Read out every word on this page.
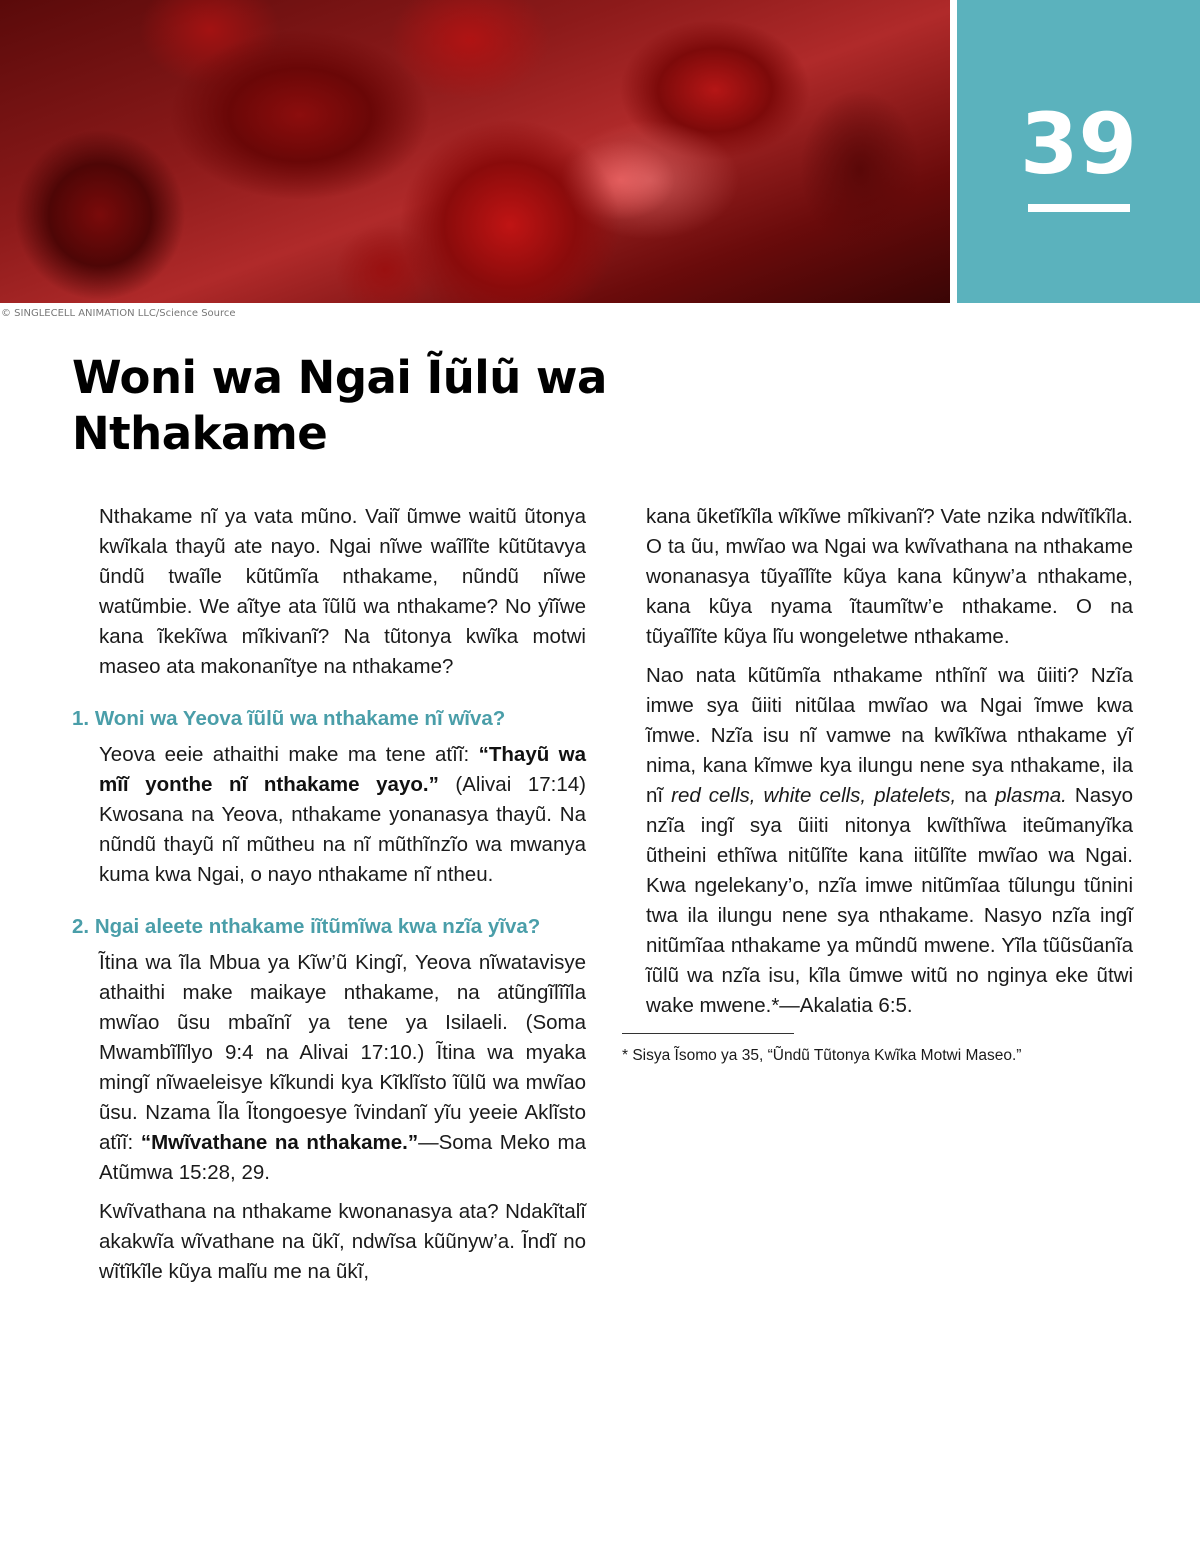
39
© SINGLECELL ANIMATION LLC/Science Source
Woni wa Ngai Ĩũlũ wa Nthakame

Nthakame nĩ ya vata mũno. Vaiĩ ũmwe waitũ ũtonya kwĩkala thayũ ate nayo. Ngai nĩwe waĩlĩte kũtũtavya ũndũ twaĩle kũtũmĩa nthakame, nũndũ nĩwe watũmbie. We aĩtye ata ĩũlũ wa nthakame? No yĩĩwe kana ĩkekĩwa mĩkivanĩ? Na tũtonya kwĩka motwi maseo ata makonanĩtye na nthakame?

1. Woni wa Yeova ĩũlũ wa nthakame nĩ wĩva?

Yeova eeie athaithi make ma tene atĩĩ: “Thayũ wa mĩĩ yonthe nĩ nthakame yayo.” (Alivai 17:14) Kwosana na Yeova, nthakame yonanasya thayũ. Na nũndũ thayũ nĩ mũtheu na nĩ mũthĩnzĩo wa mwanya kuma kwa Ngai, o nayo nthakame nĩ ntheu.

2. Ngai aleete nthakame iĩtũmĩwa kwa nzĩa yĩva?

Ĩtina wa ĩla Mbua ya Kĩw’ũ Kingĩ, Yeova nĩwatavisye athaithi make maikaye nthakame, na atũngĩlĩĩla mwĩao ũsu mbaĩnĩ ya tene ya Isilaeli. (Soma Mwambĩlĩlyo 9:4 na Alivai 17:10.) Ĩtina wa myaka mingĩ nĩwaeleisye kĩkundi kya Kĩklĩsto ĩũlũ wa mwĩao ũsu. Nzama Ĩla Ĩtongoesye ĩvindanĩ yĩu yeeie Aklĩsto atĩĩ: “Mwĩvathane na nthakame.”—Soma Meko ma Atũmwa 15:28, 29.

Kwĩvathana na nthakame kwonanasya ata? Ndakĩtalĩ akakwĩa wĩvathane na ũkĩ, ndwĩsa kũũnyw’a. Ĩndĩ no wĩtĩkĩle kũya malĩu me na ũkĩ,

kana ũketĩkĩla wĩkĩwe mĩkivanĩ? Vate nzika ndwĩtĩkĩla. O ta ũu, mwĩao wa Ngai wa kwĩvathana na nthakame wonanasya tũyaĩlĩte kũya kana kũnyw’a nthakame, kana kũya nyama ĩtaumĩtw’e nthakame. O na tũyaĩlĩte kũya lĩu wongeletwe nthakame.

Nao nata kũtũmĩa nthakame nthĩnĩ wa ũiiti? Nzĩa imwe sya ũiiti nitũlaa mwĩao wa Ngai ĩmwe kwa ĩmwe. Nzĩa isu nĩ vamwe na kwĩkĩwa nthakame yĩ nima, kana kĩmwe kya ilungu nene sya nthakame, ila nĩ red cells, white cells, platelets, na plasma. Nasyo nzĩa ingĩ sya ũiiti nitonya kwĩthĩwa iteũmanyĩka ũtheini ethĩwa nitũlĩte kana iitũlĩte mwĩao wa Ngai. Kwa ngelekany’o, nzĩa imwe nitũmĩaa tũlungu tũnini twa ila ilungu nene sya nthakame. Nasyo nzĩa ingĩ nitũmĩaa nthakame ya mũndũ mwene. Yĩla tũũsũanĩa ĩũlũ wa nzĩa isu, kĩla ũmwe witũ no nginya eke ũtwi wake mwene.*—Akalatia 6:5.

* Sisya Ĩsomo ya 35, “Ũndũ Tũtonya Kwĩka Motwi Maseo.”
